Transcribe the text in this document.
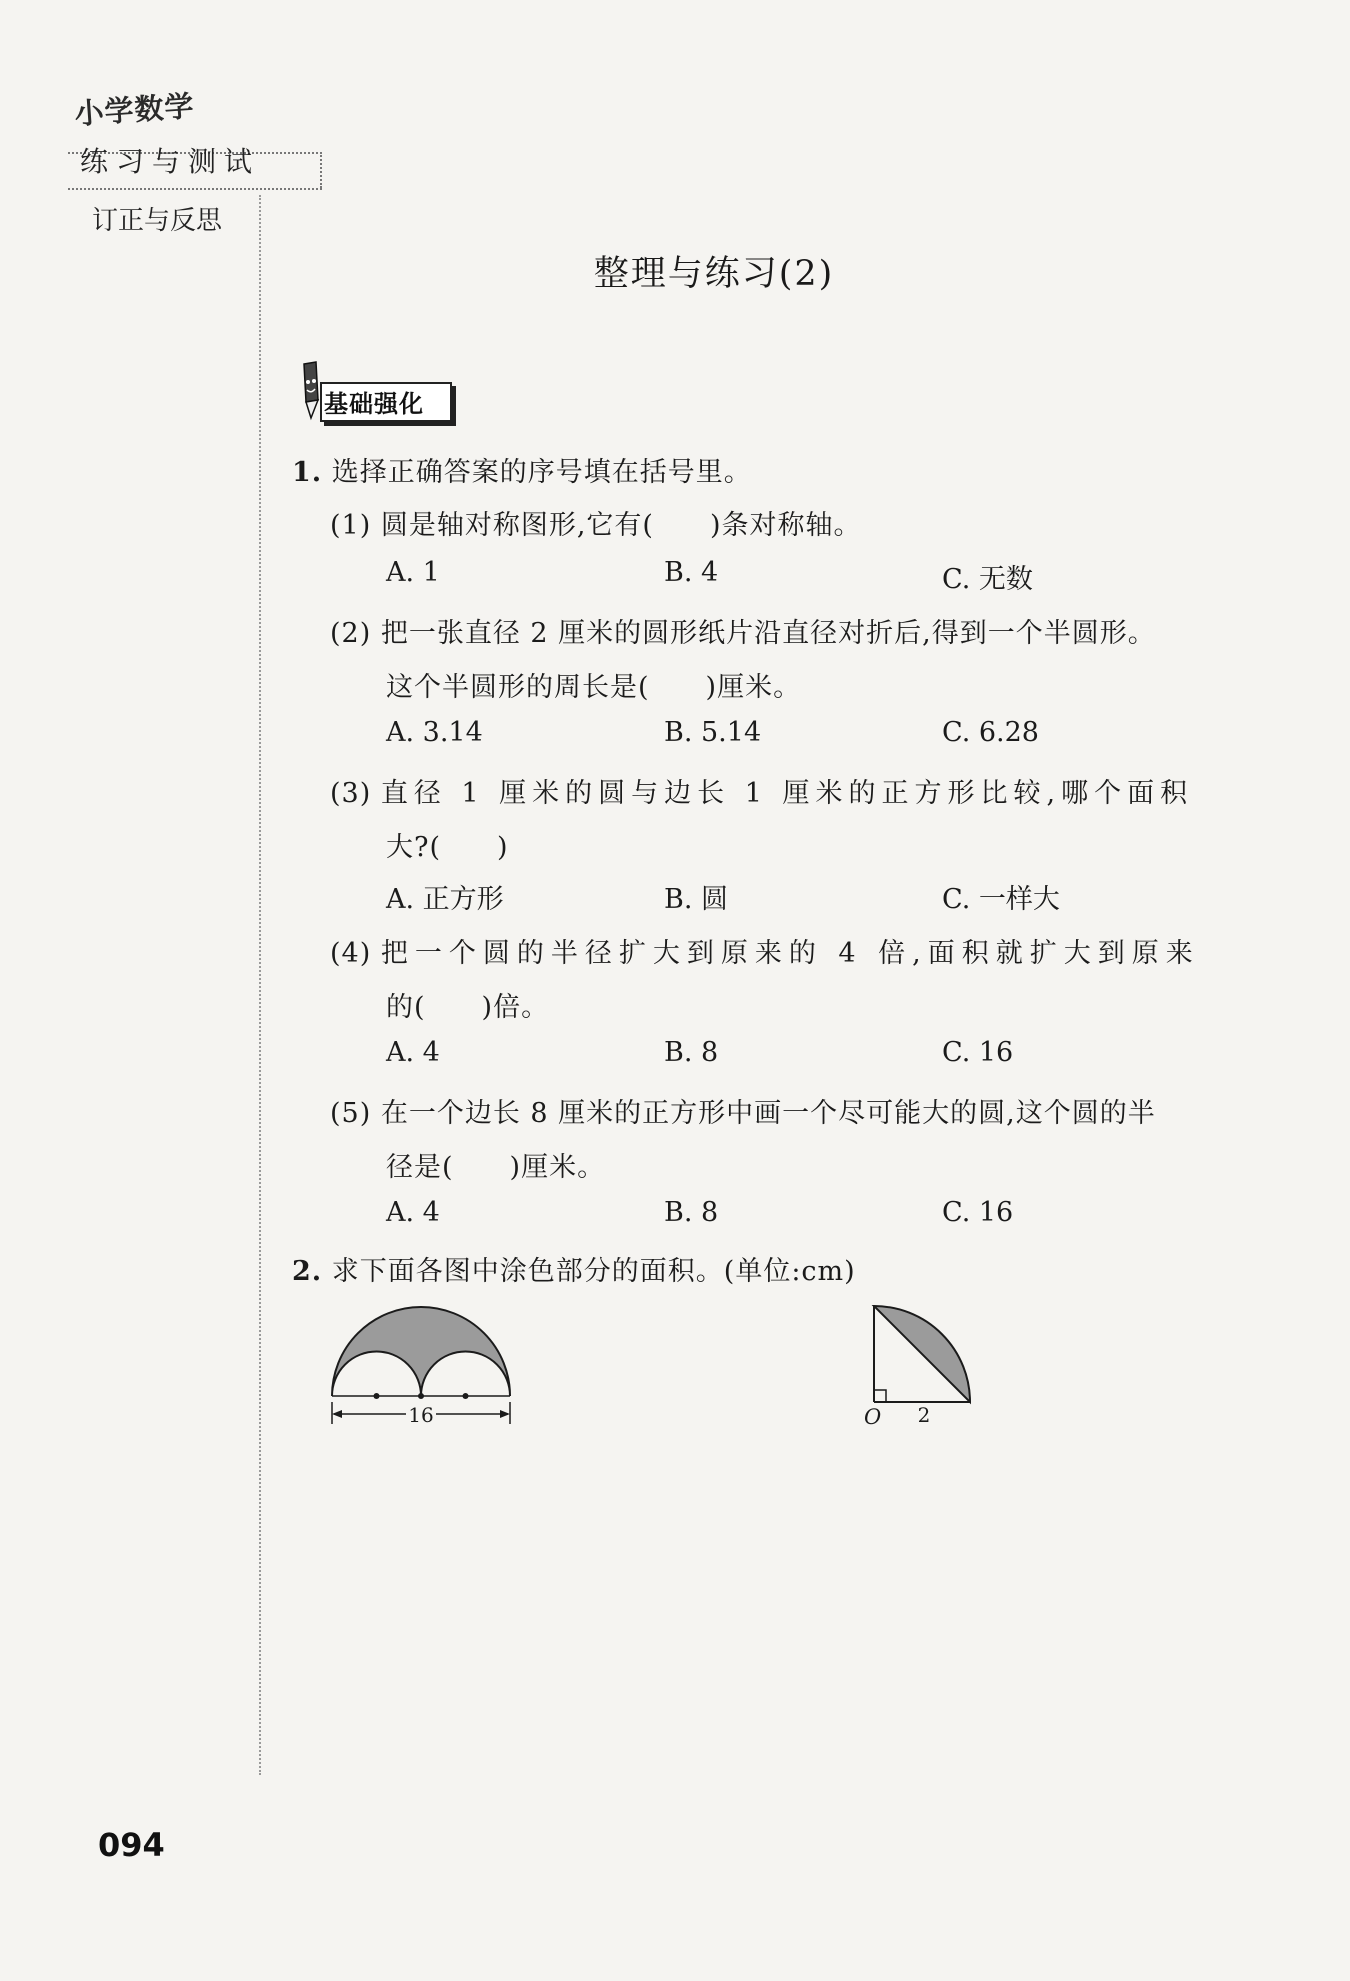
小学数学
练习与测试
订正与反思
整理与练习(2)
基础强化
1. 选择正确答案的序号填在括号里。
(1) 圆是轴对称图形,它有( )条对称轴。
A. 1	B. 4	C. 无数
(2) 把一张直径 2 厘米的圆形纸片沿直径对折后,得到一个半圆形。
这个半圆形的周长是( )厘米。
A. 3.14	B. 5.14	C. 6.28
(3) 直径 1 厘米的圆与边长 1 厘米的正方形比较,哪个面积
大?( )
A. 正方形	B. 圆	C. 一样大
(4) 把一个圆的半径扩大到原来的 4 倍,面积就扩大到原来
的( )倍。
A. 4	B. 8	C. 16
(5) 在一个边长 8 厘米的正方形中画一个尽可能大的圆,这个圆的半
径是( )厘米。
A. 4	B. 8	C. 16
2. 求下面各图中涂色部分的面积。(单位:cm)
16	O 2
094
